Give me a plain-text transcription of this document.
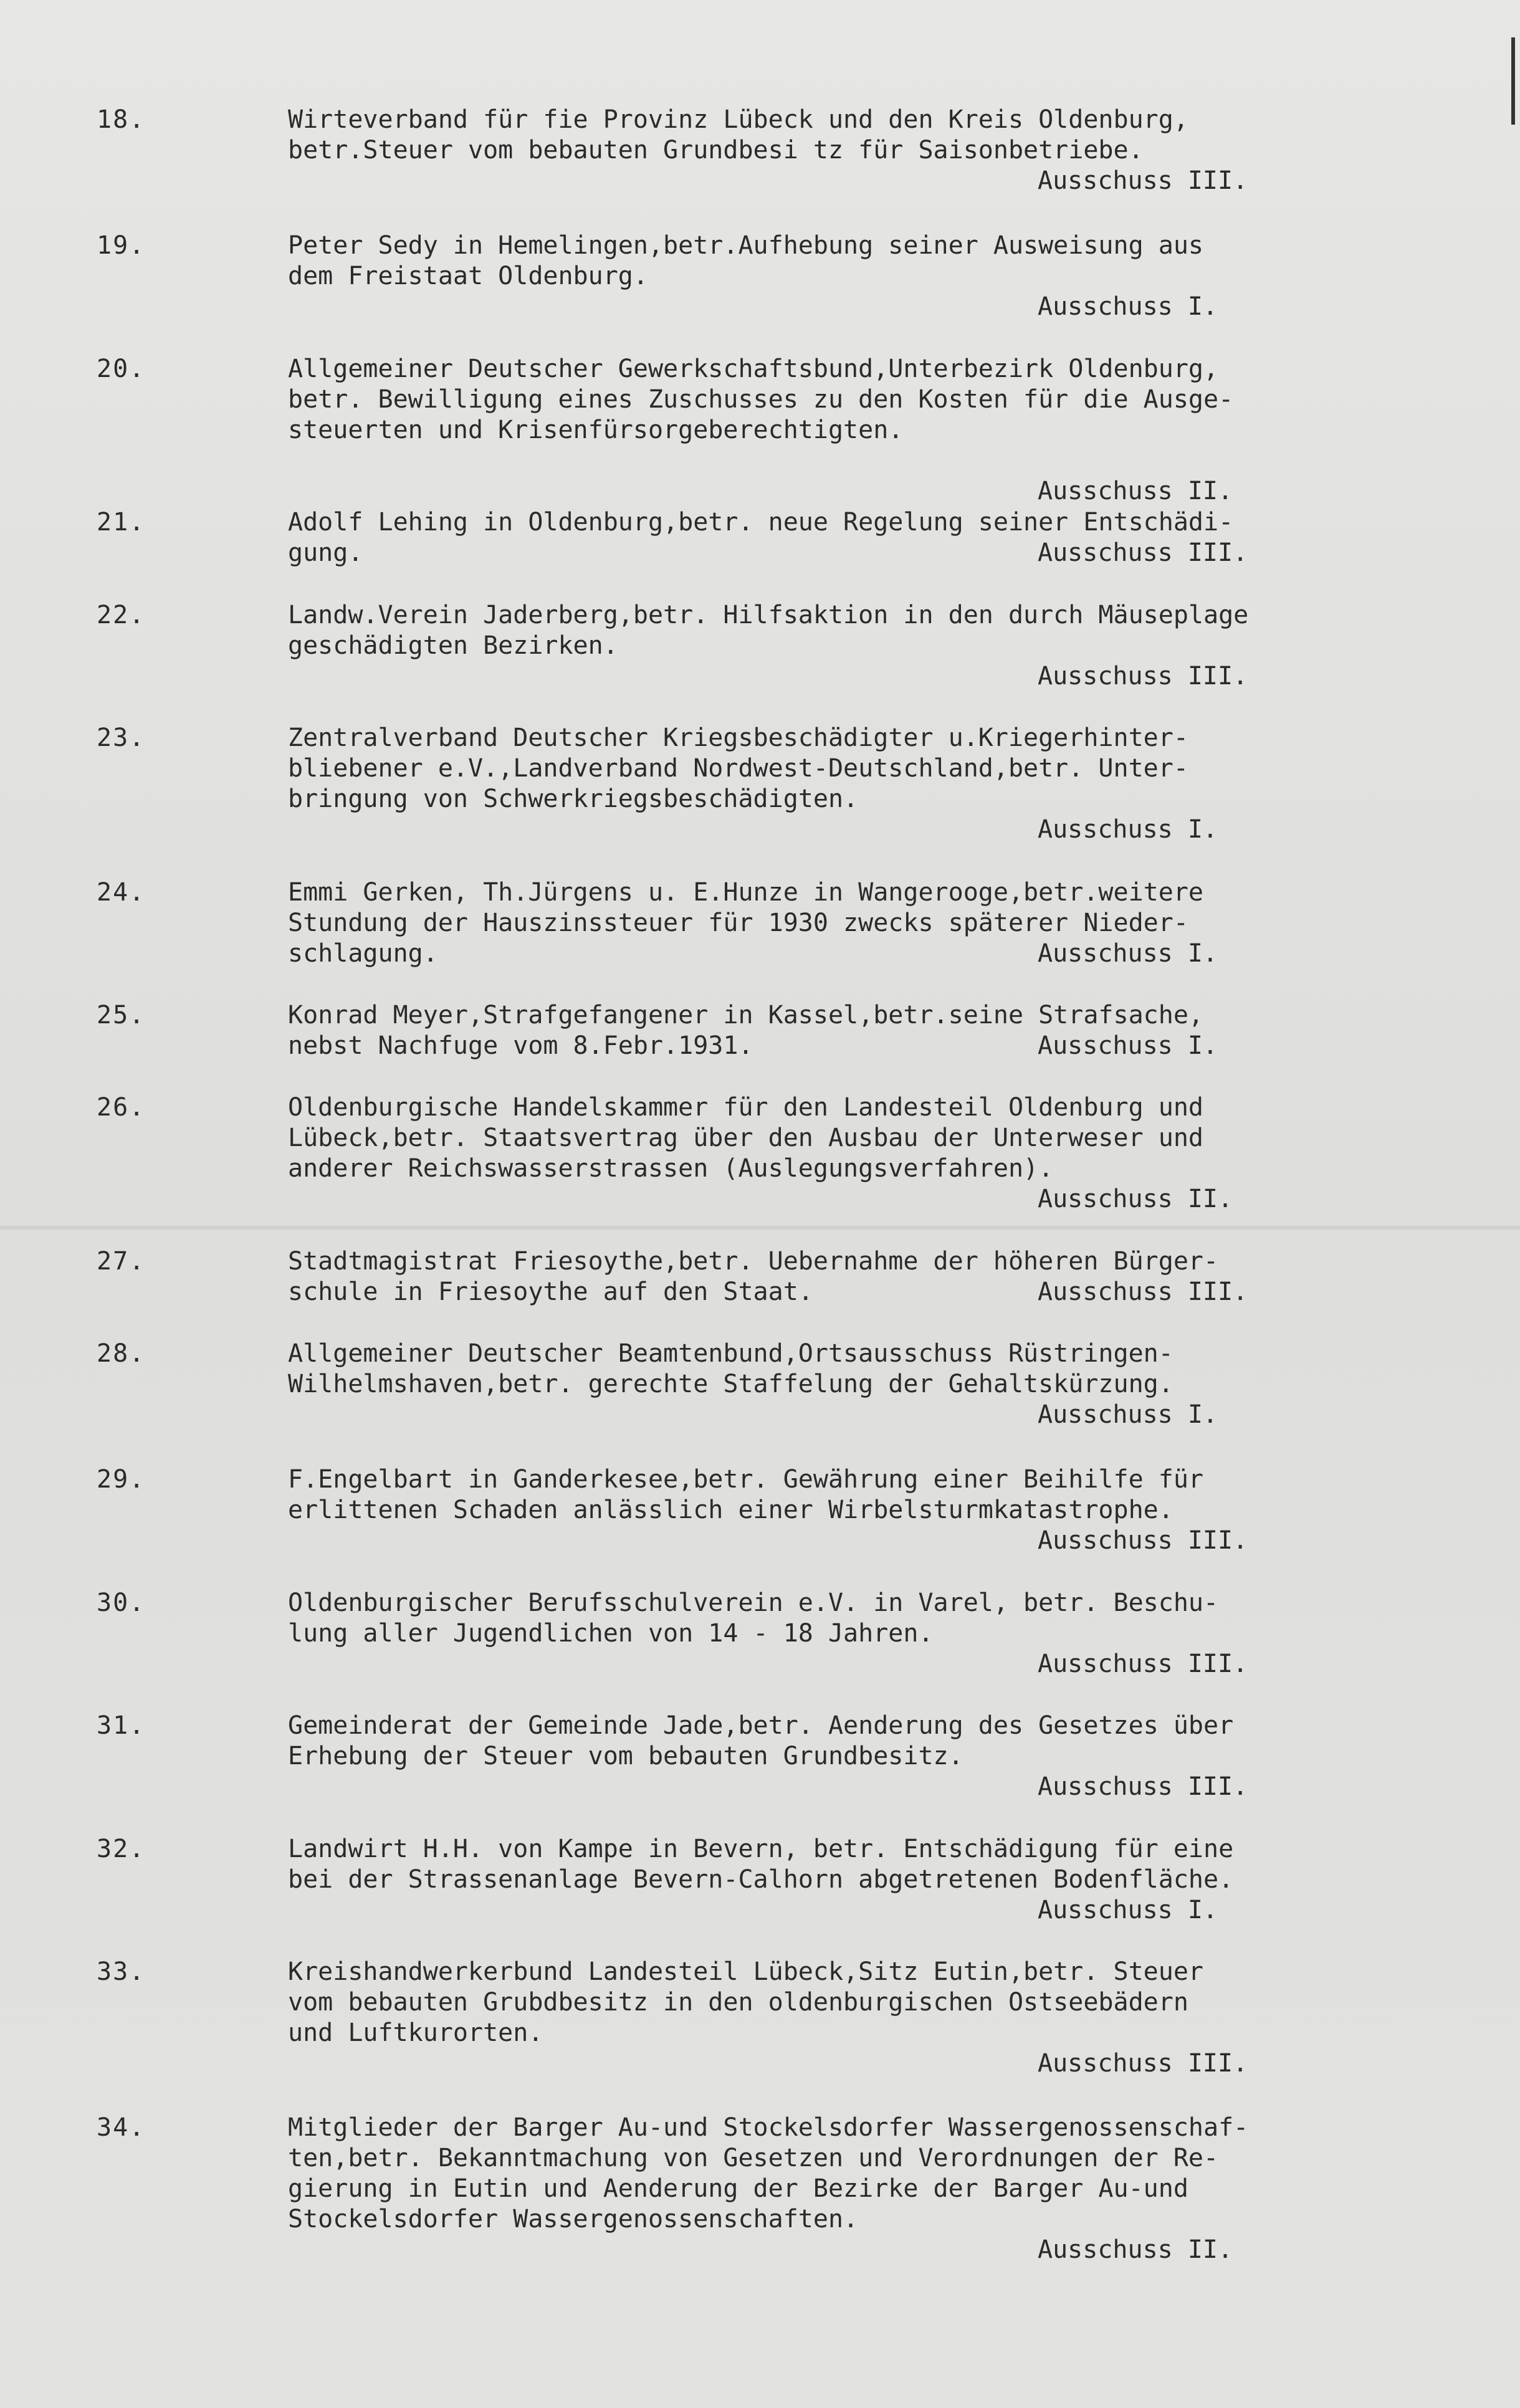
18.	Wirteverband für fie Provinz Lübeck und den Kreis Oldenburg,
betr.Steuer vom bebauten Grundbesi tz für Saisonbetriebe.
Ausschuss III.
19.	Peter Sedy in Hemelingen,betr.Aufhebung seiner Ausweisung aus
dem Freistaat Oldenburg.
Ausschuss I.
20.	Allgemeiner Deutscher Gewerkschaftsbund,Unterbezirk Oldenburg,
betr. Bewilligung eines Zuschusses zu den Kosten für die Ausge-
steuerten und Krisenfürsorgeberechtigten.
Ausschuss II.
21.	Adolf Lehing in Oldenburg,betr. neue Regelung seiner Entschädi-
gung.	Ausschuss III.
22.	Landw.Verein Jaderberg,betr. Hilfsaktion in den durch Mäuseplage
geschädigten Bezirken.
Ausschuss III.
23.	Zentralverband Deutscher Kriegsbeschädigter u.Kriegerhinter-
bliebener e.V.,Landverband Nordwest-Deutschland,betr. Unter-
bringung von Schwerkriegsbeschädigten.
Ausschuss I.
24.	Emmi Gerken, Th.Jürgens u. E.Hunze in Wangerooge,betr.weitere
Stundung der Hauszinssteuer für 1930 zwecks späterer Nieder-
schlagung.	Ausschuss I.
25.	Konrad Meyer,Strafgefangener in Kassel,betr.seine Strafsache,
nebst Nachfuge vom 8.Febr.1931.	Ausschuss I.
26.	Oldenburgische Handelskammer für den Landesteil Oldenburg und
Lübeck,betr. Staatsvertrag über den Ausbau der Unterweser und
anderer Reichswasserstrassen (Auslegungsverfahren).
Ausschuss II.
27.	Stadtmagistrat Friesoythe,betr. Uebernahme der höheren Bürger-
schule in Friesoythe auf den Staat.	Ausschuss III.
28.	Allgemeiner Deutscher Beamtenbund,Ortsausschuss Rüstringen-
Wilhelmshaven,betr. gerechte Staffelung der Gehaltskürzung.
Ausschuss I.
29.	F.Engelbart in Ganderkesee,betr. Gewährung einer Beihilfe für
erlittenen Schaden anlässlich einer Wirbelsturmkatastrophe.
Ausschuss III.
30.	Oldenburgischer Berufsschulverein e.V. in Varel, betr. Beschu-
lung aller Jugendlichen von 14 - 18 Jahren.
Ausschuss III.
31.	Gemeinderat der Gemeinde Jade,betr. Aenderung des Gesetzes über
Erhebung der Steuer vom bebauten Grundbesitz.
Ausschuss III.
32.	Landwirt H.H. von Kampe in Bevern, betr. Entschädigung für eine
bei der Strassenanlage Bevern-Calhorn abgetretenen Bodenfläche.
Ausschuss I.
33.	Kreishandwerkerbund Landesteil Lübeck,Sitz Eutin,betr. Steuer
vom bebauten Grubdbesitz in den oldenburgischen Ostseebädern
und Luftkurorten.
Ausschuss III.
34.	Mitglieder der Barger Au-und Stockelsdorfer Wassergenossenschaf-
ten,betr. Bekanntmachung von Gesetzen und Verordnungen der Re-
gierung in Eutin und Aenderung der Bezirke der Barger Au-und
Stockelsdorfer Wassergenossenschaften.
Ausschuss II.
